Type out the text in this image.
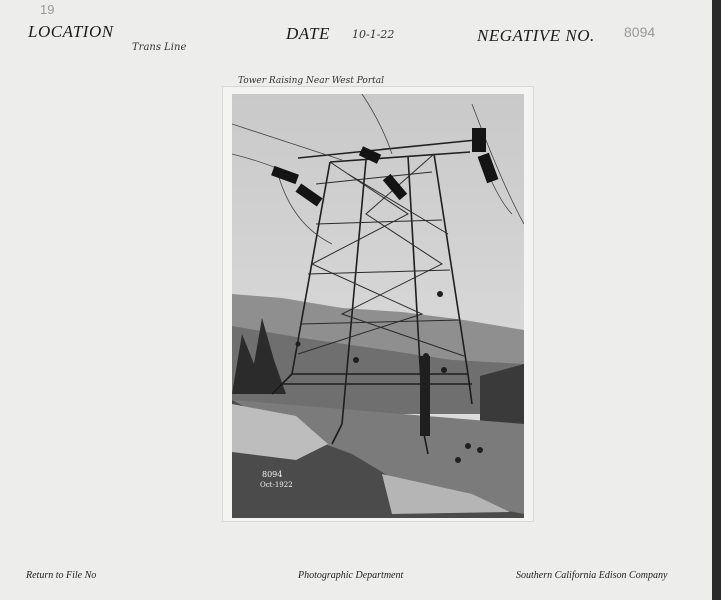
19
LOCATION
Trans Line
DATE 10-1-22	NEGATIVE NO. 8094
Tower Raising Near West Portal
8094
Oct-1922
Return to File No	Photographic Department	Southern California Edison Company
